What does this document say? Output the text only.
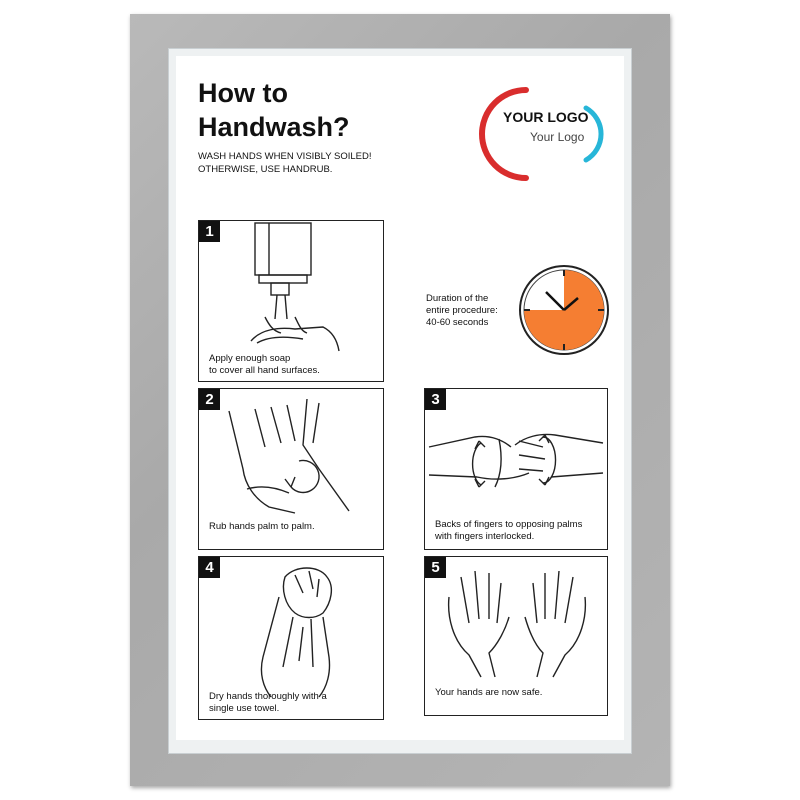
How to
Handwash?
WASH HANDS WHEN VISIBLY SOILED!
OTHERWISE, USE HANDRUB.
YOUR LOGO
Your Logo
Duration of the
entire procedure:
40-60 seconds
1
Apply enough soap
to cover all hand surfaces.
2
Rub hands palm to palm.
3
Backs of fingers to opposing palms
with fingers interlocked.
4
Dry hands thoroughly with a
single use towel.
5
Your hands are now safe.
